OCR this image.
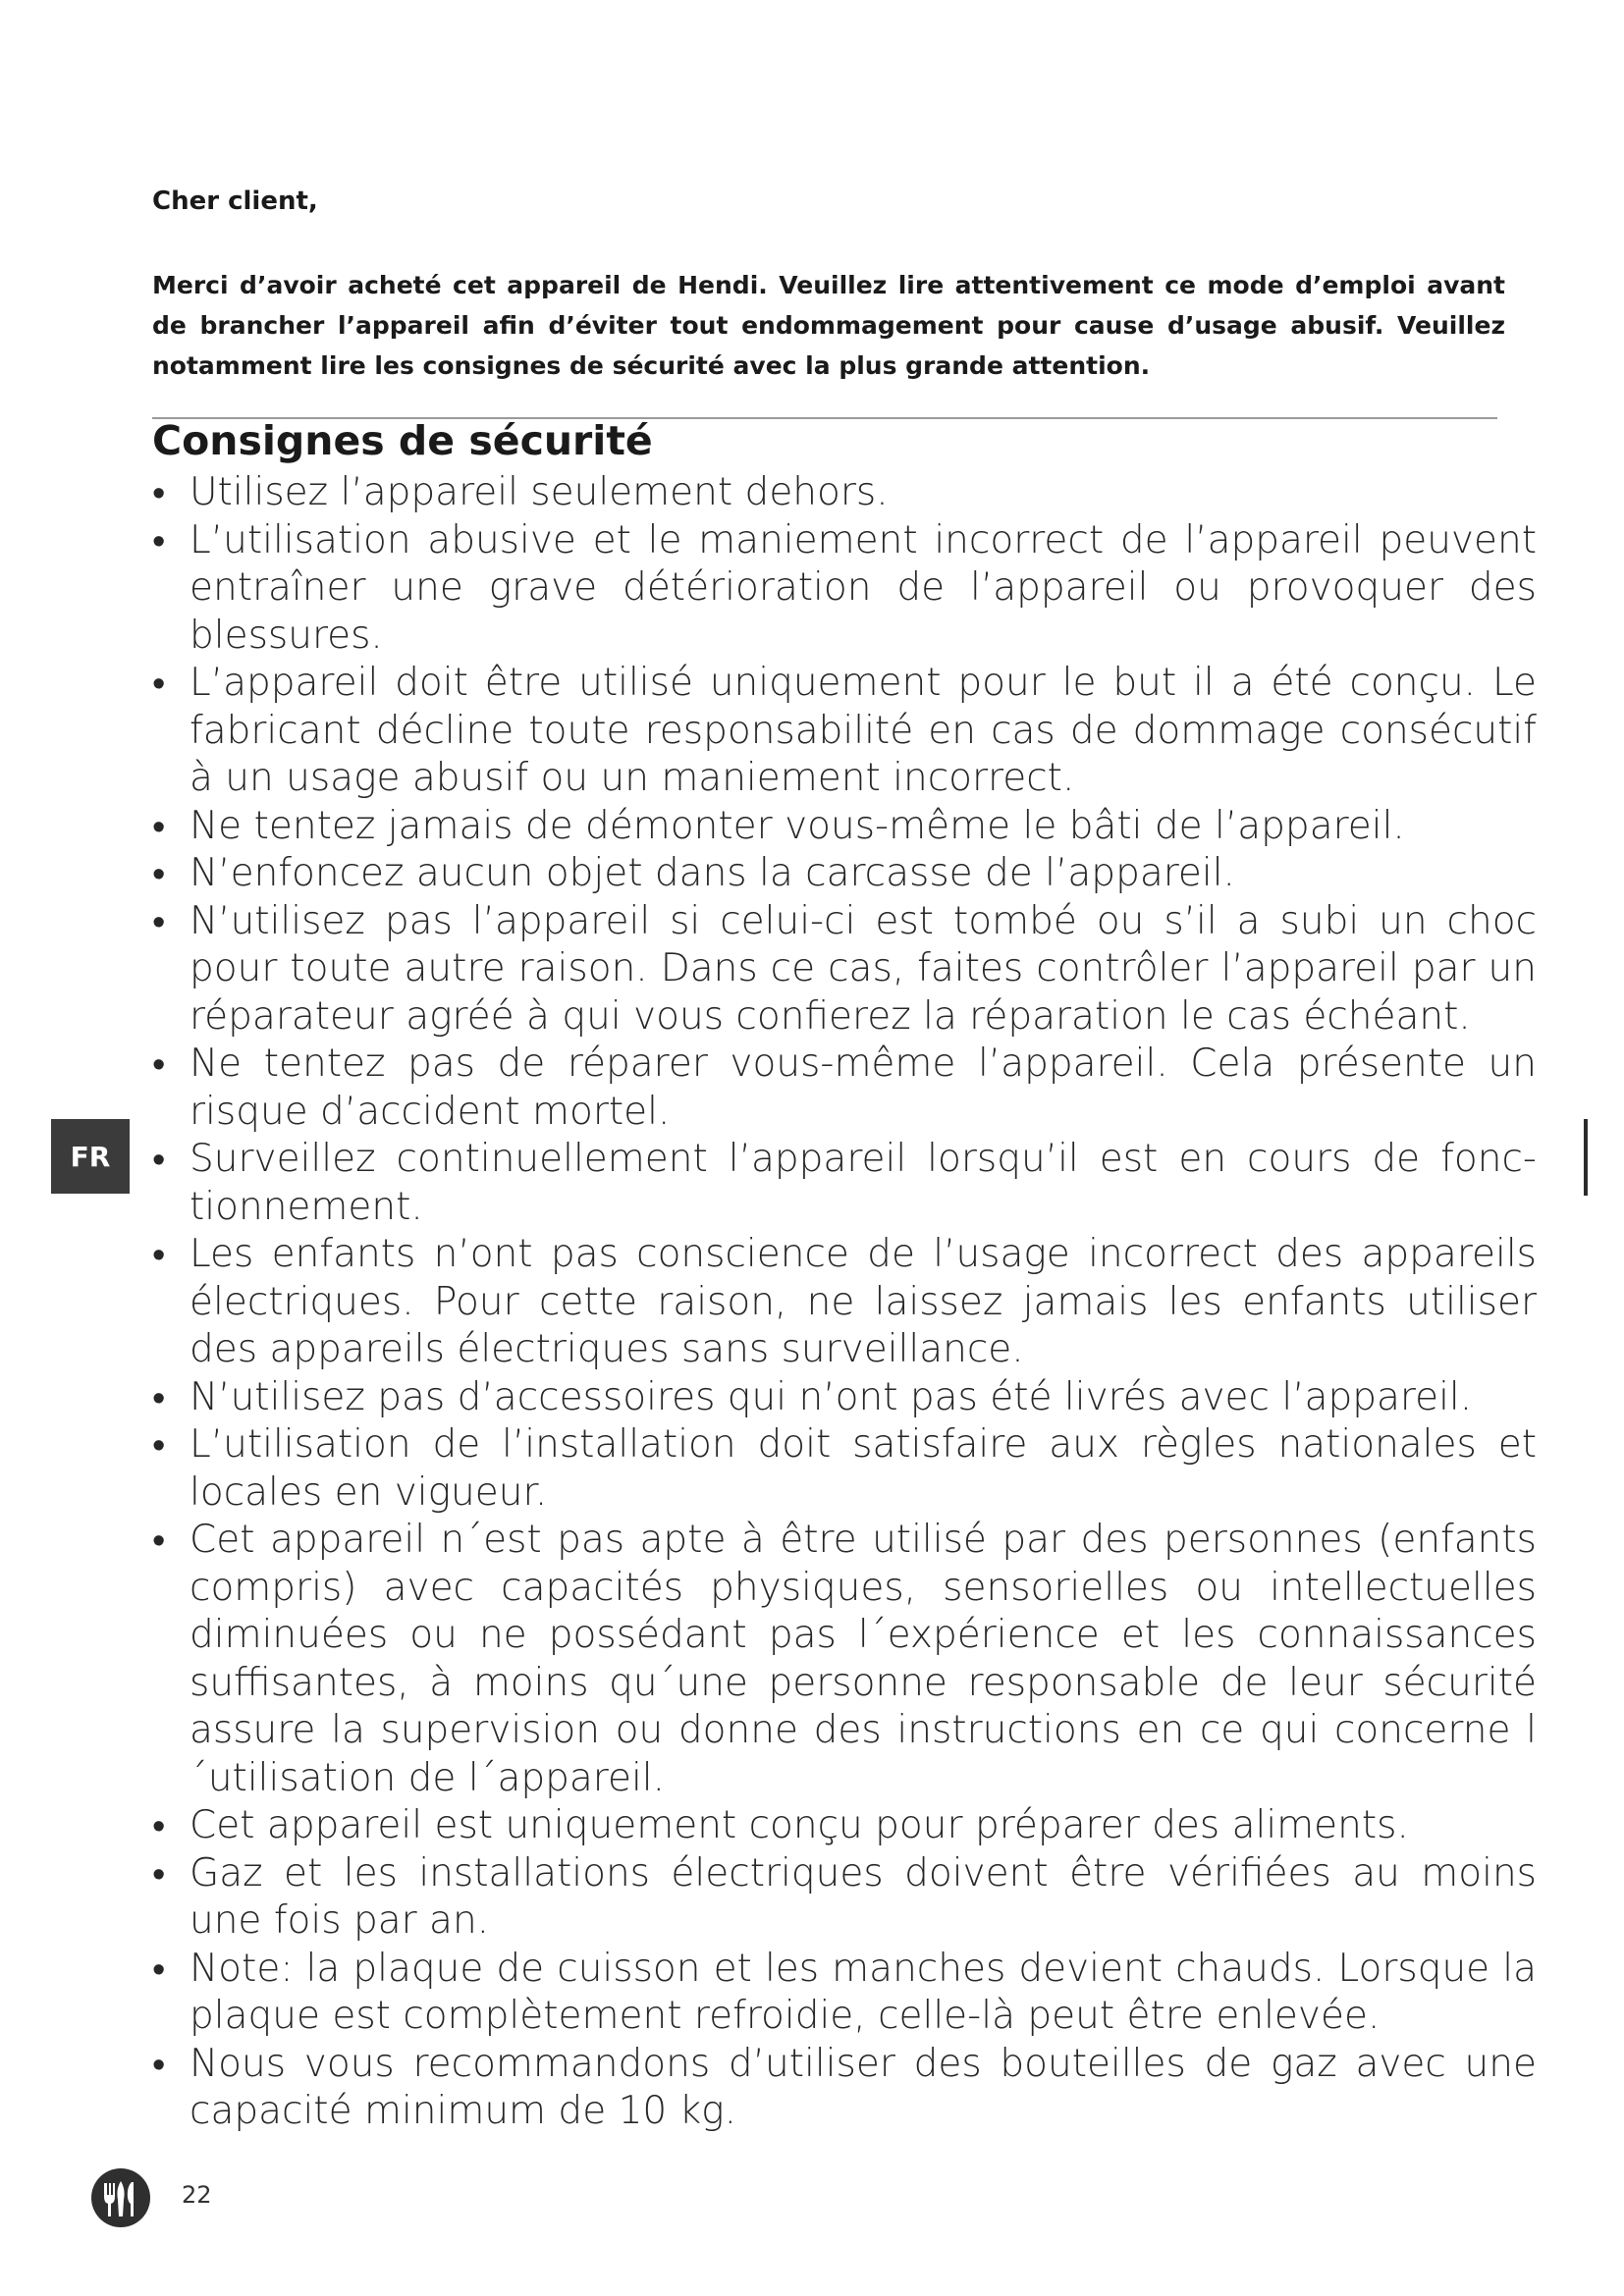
Cher client,
Merci d’avoir acheté cet appareil de Hendi. Veuillez lire attentivement ce mode d’emploi avant de brancher l’appareil afin d’éviter tout endommagement pour cause d’usage abusif. Veuillez notamment lire les consignes de sécurité avec la plus grande attention.
Consignes de sécurité
• Utilisez l’appareil seulement dehors.
• L’utilisation abusive et le maniement incorrect de l’appareil peuvent entraîner une grave détérioration de l’appareil ou provoquer des blessures.
• L’appareil doit être utilisé uniquement pour le but il a été conçu. Le fabricant décline toute responsabilité en cas de dommage consécutif à un usage abusif ou un maniement incorrect.
• Ne tentez jamais de démonter vous-même le bâti de l’appareil.
• N’enfoncez aucun objet dans la carcasse de l’appareil.
• N’utilisez pas l’appareil si celui-ci est tombé ou s’il a subi un choc pour toute autre raison. Dans ce cas, faites contrôler l’appareil par un réparateur agréé à qui vous confierez la réparation le cas échéant.
• Ne tentez pas de réparer vous-même l’appareil. Cela présente un risque d’accident mortel.
• Surveillez continuellement l’appareil lorsqu’il est en cours de fonc-tionnement.
• Les enfants n’ont pas conscience de l’usage incorrect des appareils électriques. Pour cette raison, ne laissez jamais les enfants utiliser des appareils électriques sans surveillance.
• N’utilisez pas d’accessoires qui n’ont pas été livrés avec l’appareil.
• L’utilisation de l’installation doit satisfaire aux règles nationales et locales en vigueur.
• Cet appareil n´est pas apte à être utilisé par des personnes (enfants compris) avec capacités physiques, sensorielles ou intellectuelles diminuées ou ne possédant pas l´expérience et les connaissances suffisantes, à moins qu´une personne responsable de leur sécurité assure la supervision ou donne des instructions en ce qui concerne l´utilisation de l´appareil.
• Cet appareil est uniquement conçu pour préparer des aliments.
• Gaz et les installations électriques doivent être vérifiées au moins une fois par an.
• Note: la plaque de cuisson et les manches devient chauds. Lorsque la plaque est complètement refroidie, celle-là peut être enlevée.
• Nous vous recommandons d’utiliser des bouteilles de gaz avec une capacité minimum de 10 kg.
FR
22
